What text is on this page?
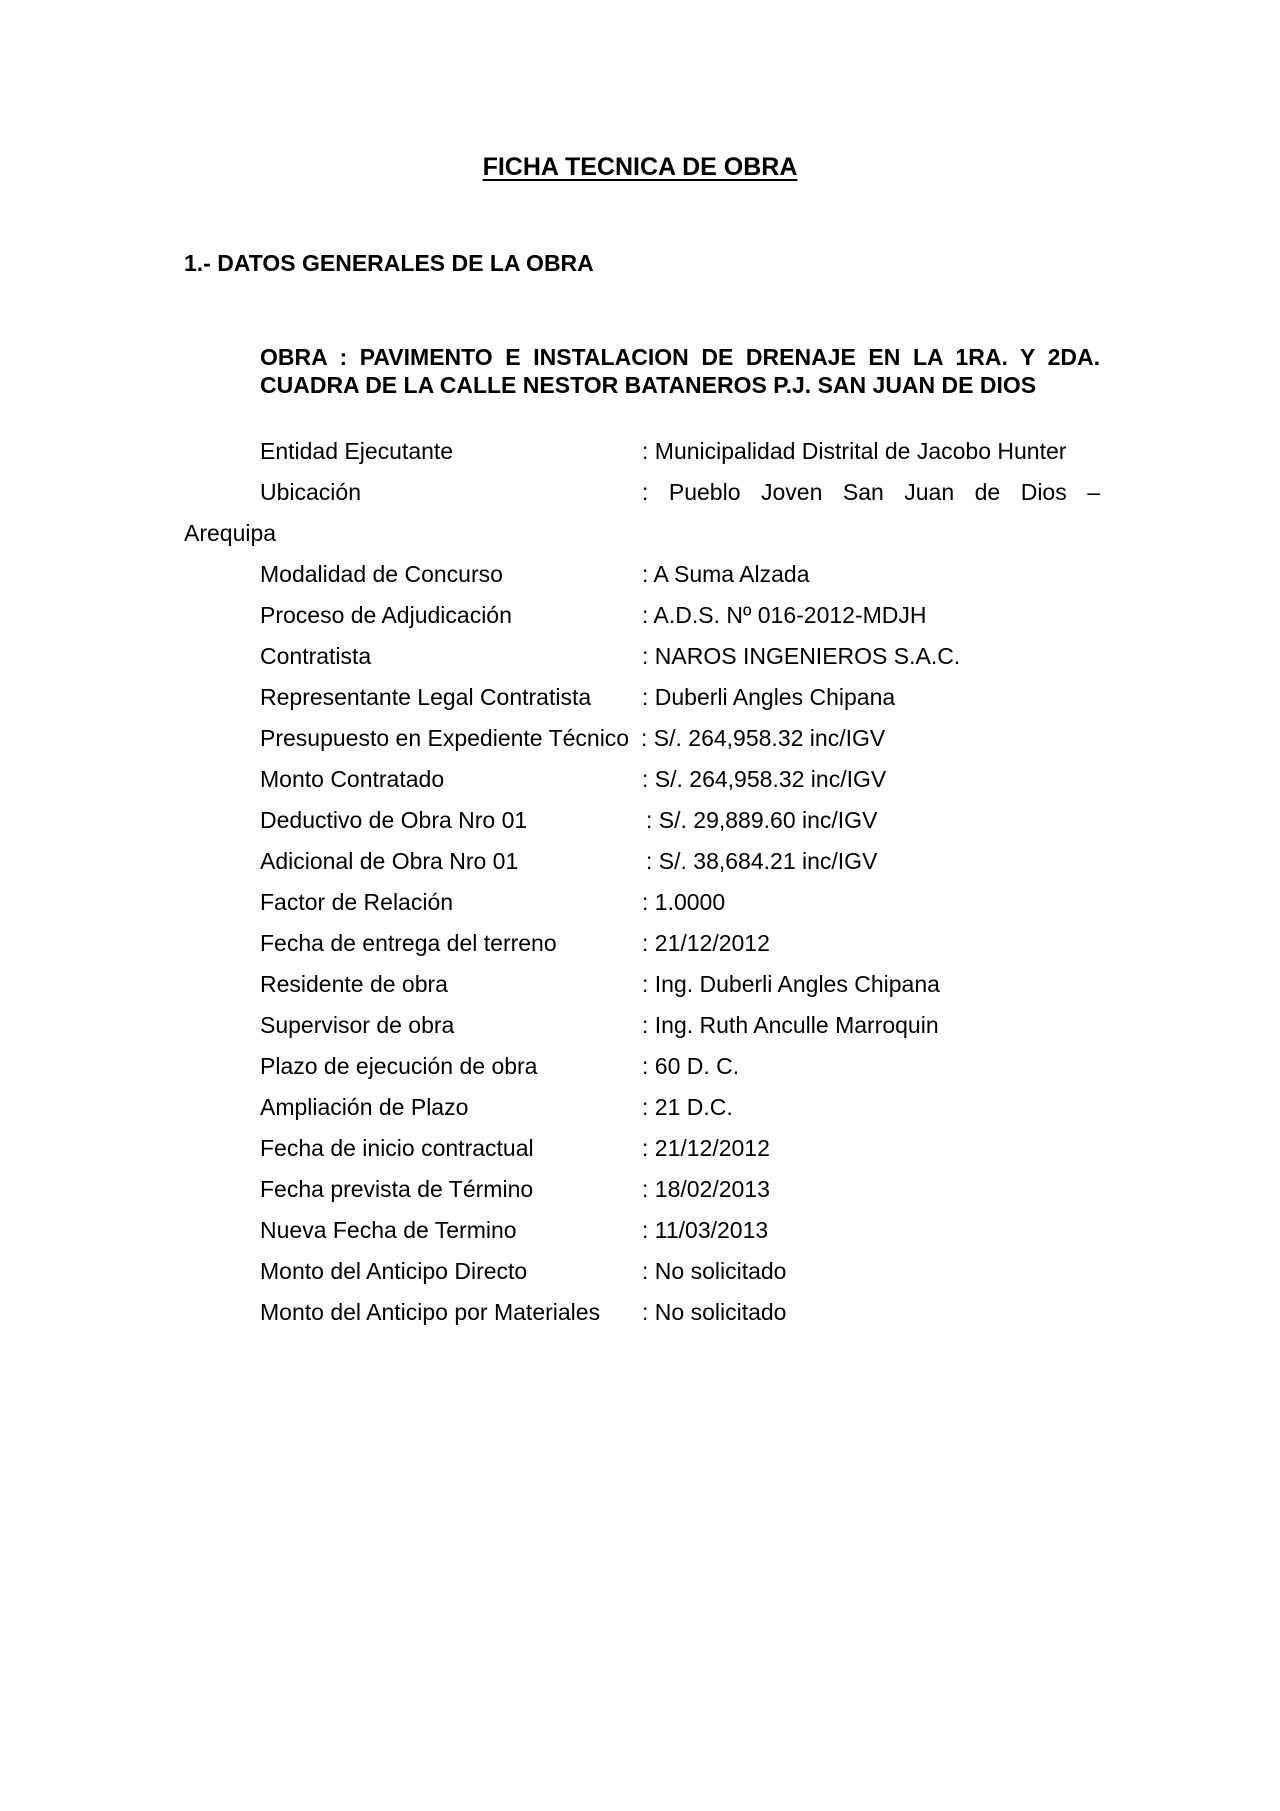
FICHA TECNICA DE OBRA
1.- DATOS GENERALES DE LA OBRA

OBRA : PAVIMENTO E INSTALACION DE DRENAJE EN LA 1RA. Y 2DA.
CUADRA DE LA CALLE NESTOR BATANEROS P.J. SAN JUAN DE DIOS

Entidad Ejecutante	: Municipalidad Distrital de Jacobo Hunter
Ubicación	: Pueblo Joven San Juan de Dios –
Arequipa
Modalidad de Concurso	: A Suma Alzada
Proceso de Adjudicación	: A.D.S. Nº 016-2012-MDJH
Contratista	: NAROS INGENIEROS S.A.C.
Representante Legal Contratista : Duberli Angles Chipana
Presupuesto en Expediente Técnico : S/. 264,958.32 inc/IGV
Monto Contratado	: S/. 264,958.32 inc/IGV
Deductivo de Obra Nro 01	: S/. 29,889.60 inc/IGV
Adicional de Obra Nro 01	: S/. 38,684.21 inc/IGV
Factor de Relación	: 1.0000
Fecha de entrega del terreno	: 21/12/2012
Residente de obra	: Ing. Duberli Angles Chipana
Supervisor de obra	: Ing. Ruth Anculle Marroquin
Plazo de ejecución de obra	: 60 D. C.
Ampliación de Plazo	: 21 D.C.
Fecha de inicio contractual	: 21/12/2012
Fecha prevista de Término	: 18/02/2013
Nueva Fecha de Termino	: 11/03/2013
Monto del Anticipo Directo	: No solicitado
Monto del Anticipo por Materiales : No solicitado
